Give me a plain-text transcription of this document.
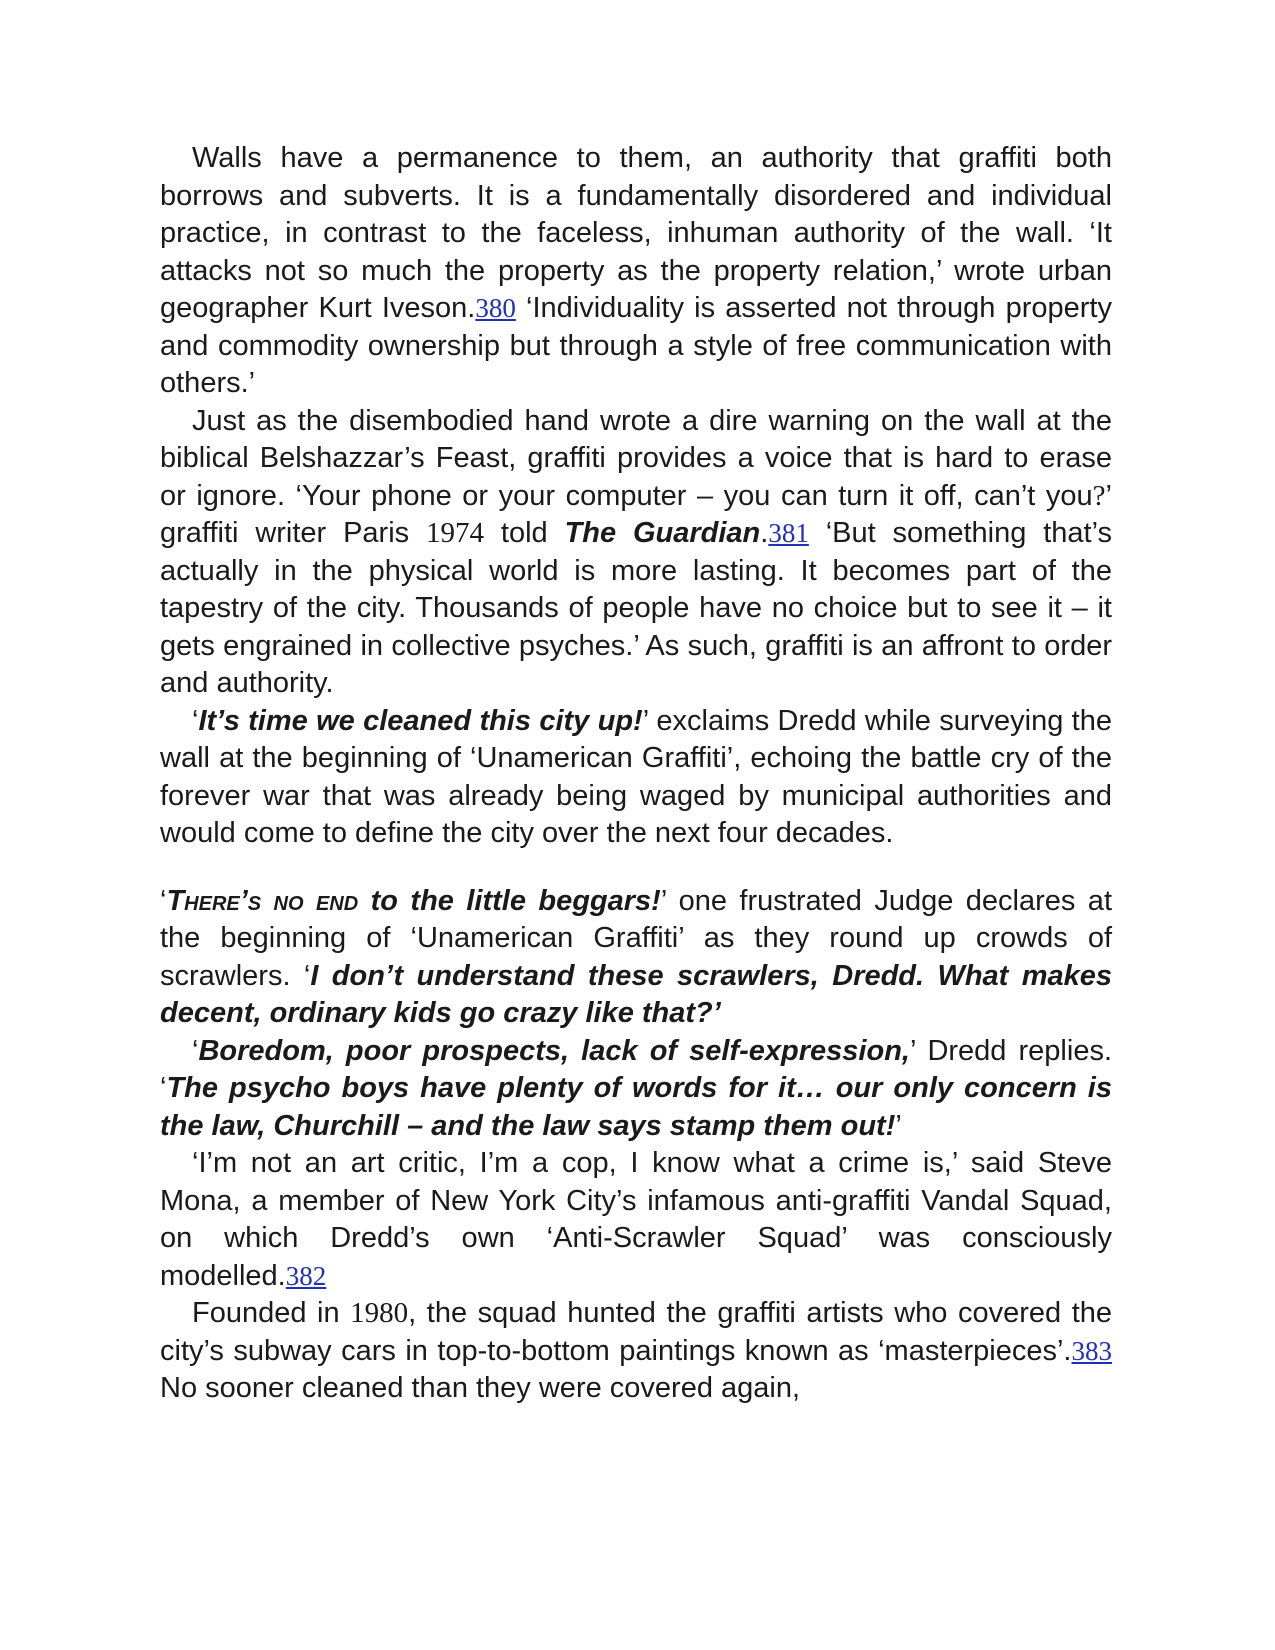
Walls have a permanence to them, an authority that graffiti both borrows and subverts. It is a fundamentally disordered and individual practice, in contrast to the faceless, inhuman authority of the wall. ‘It attacks not so much the property as the property relation,’ wrote urban geographer Kurt Iveson.380 ‘Individuality is asserted not through property and commodity ownership but through a style of free communication with others.’

Just as the disembodied hand wrote a dire warning on the wall at the biblical Belshazzar’s Feast, graffiti provides a voice that is hard to erase or ignore. ‘Your phone or your computer – you can turn it off, can’t you?’ graffiti writer Paris 1974 told The Guardian.381 ‘But something that’s actually in the physical world is more lasting. It becomes part of the tapestry of the city. Thousands of people have no choice but to see it – it gets engrained in collective psyches.’ As such, graffiti is an affront to order and authority.

‘It’s time we cleaned this city up!’ exclaims Dredd while surveying the wall at the beginning of ‘Unamerican Graffiti’, echoing the battle cry of the forever war that was already being waged by municipal authorities and would come to define the city over the next four decades.

‘There’s no end to the little beggars!’ one frustrated Judge declares at the beginning of ‘Unamerican Graffiti’ as they round up crowds of scrawlers. ‘I don’t understand these scrawlers, Dredd. What makes decent, ordinary kids go crazy like that?’

‘Boredom, poor prospects, lack of self-expression,’ Dredd replies. ‘The psycho boys have plenty of words for it… our only concern is the law, Churchill – and the law says stamp them out!’

‘I’m not an art critic, I’m a cop, I know what a crime is,’ said Steve Mona, a member of New York City’s infamous anti-graffiti Vandal Squad, on which Dredd’s own ‘Anti-Scrawler Squad’ was consciously modelled.382

Founded in 1980, the squad hunted the graffiti artists who covered the city’s subway cars in top-to-bottom paintings known as ‘masterpieces’.383 No sooner cleaned than they were covered again,
